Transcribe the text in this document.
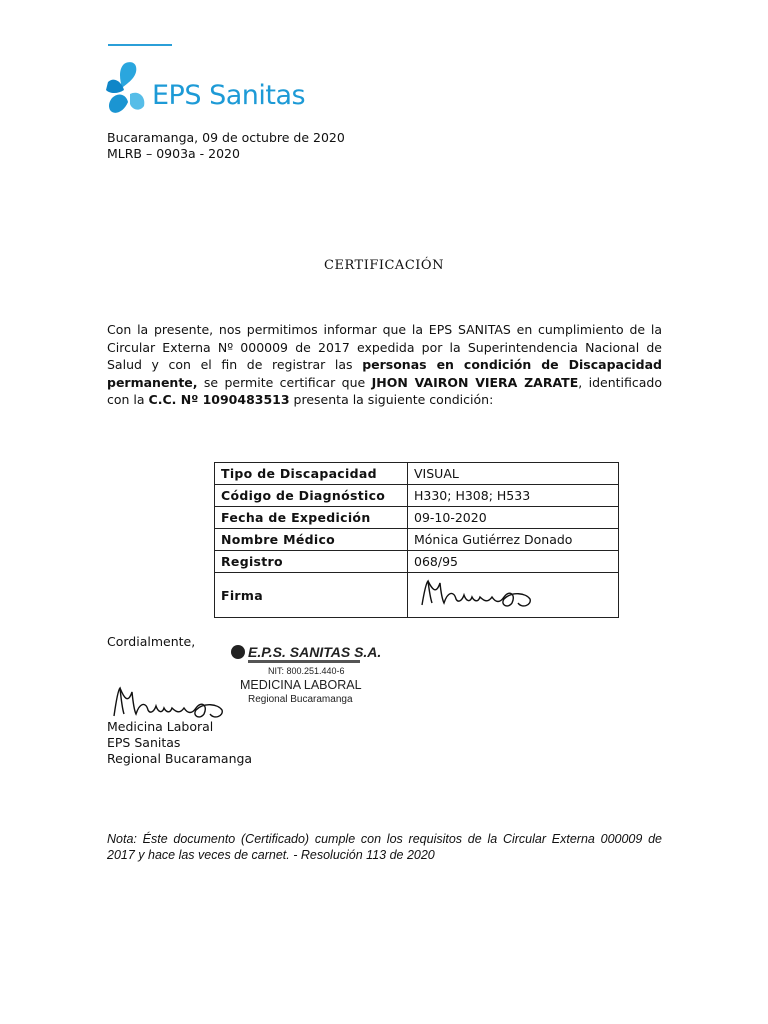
EPS Sanitas
Bucaramanga, 09 de octubre de 2020
MLRB – 0903a - 2020
CERTIFICACIÓN
Con la presente, nos permitimos informar que la EPS SANITAS en cumplimiento de la Circular Externa Nº 000009 de 2017 expedida por la Superintendencia Nacional de Salud y con el fin de registrar las personas en condición de Discapacidad permanente, se permite certificar que JHON VAIRON VIERA ZARATE, identificado con la C.C. Nº 1090483513 presenta la siguiente condición:
Tipo de Discapacidad	VISUAL
Código de Diagnóstico	H330; H308; H533
Fecha de Expedición	09-10-2020
Nombre Médico	Mónica Gutiérrez Donado
Registro	068/95
Firma	
Cordialmente,
E.P.S. SANITAS S.A.
NIT: 800.251.440-6
MEDICINA LABORAL
Regional Bucaramanga
Medicina Laboral
EPS Sanitas
Regional Bucaramanga
Nota: Éste documento (Certificado) cumple con los requisitos de la Circular Externa 000009 de 2017 y hace las veces de carnet. - Resolución 113 de 2020
